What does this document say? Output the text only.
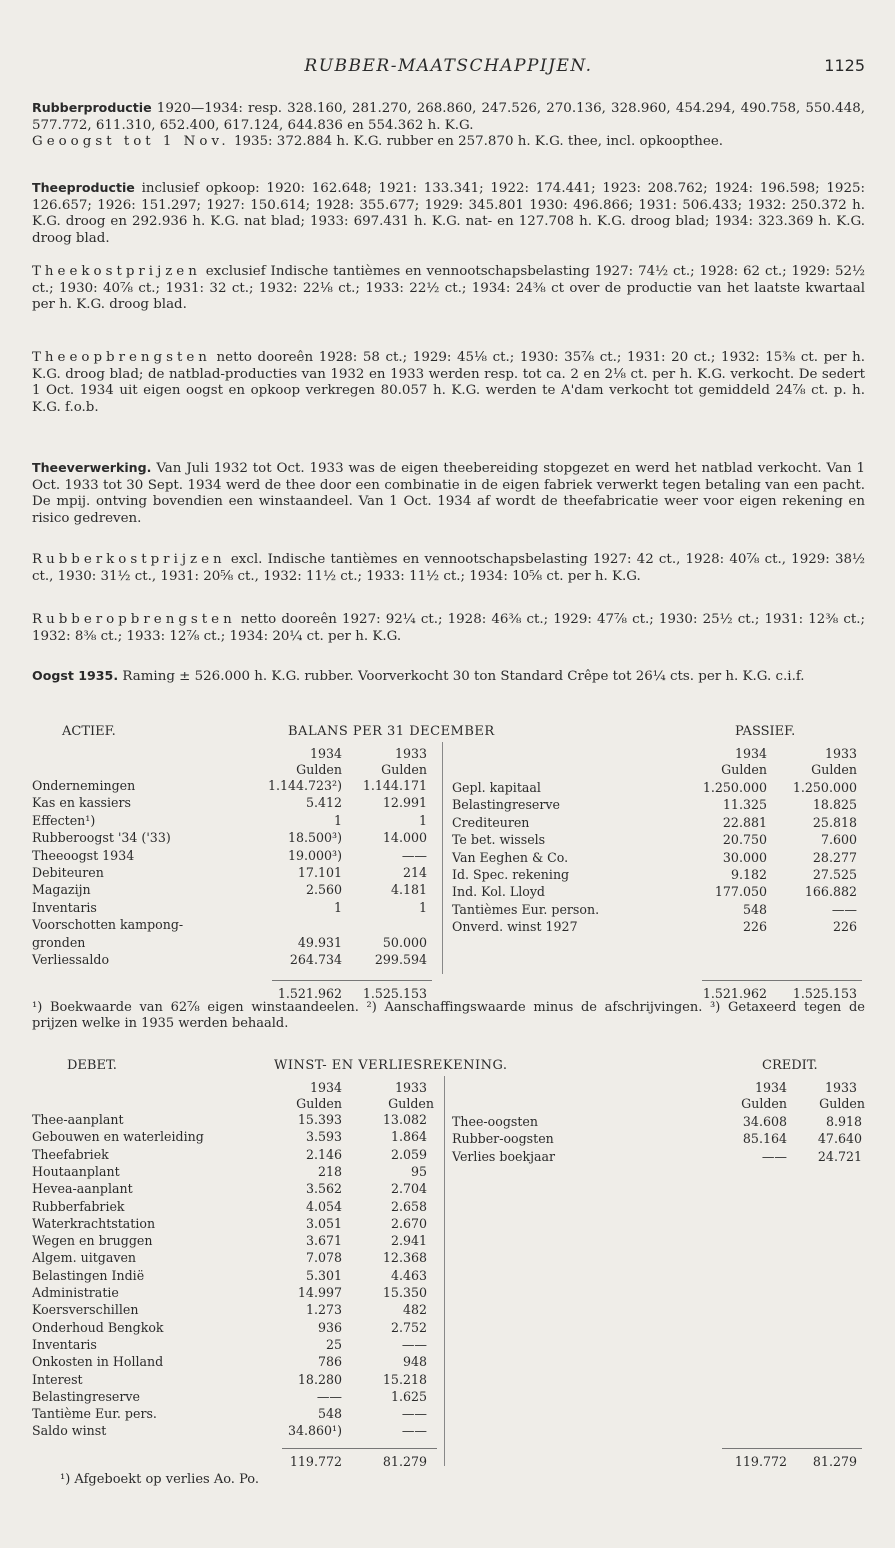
RUBBER-MAATSCHAPPIJEN.	1125

Rubberproductie 1920—1934: resp. 328.160, 281.270, 268.860, 247.526, 270.136, 328.960, 454.294, 490.758, 550.448, 577.772, 611.310, 652.400, 617.124, 644.836 en 554.362 h. K.G.

Geoogst tot 1 Nov. 1935: 372.884 h. K.G. rubber en 257.870 h. K.G. thee, incl. opkoopthee.

Theeproductie inclusief opkoop: 1920: 162.648; 1921: 133.341; 1922: 174.441; 1923: 208.762; 1924: 196.598; 1925: 126.657; 1926: 151.297; 1927: 150.614; 1928: 355.677; 1929: 345.801 1930: 496.866; 1931: 506.433; 1932: 250.372 h. K.G. droog en 292.936 h. K.G. nat blad; 1933: 697.431 h. K.G. nat- en 127.708 h. K.G. droog blad; 1934: 323.369 h. K.G. droog blad.

Theekostprijzen exclusief Indische tantièmes en vennootschapsbelasting 1927: 74½ ct.; 1928: 62 ct.; 1929: 52½ ct.; 1930: 40⅞ ct.; 1931: 32 ct.; 1932: 22⅛ ct.; 1933: 22½ ct.; 1934: 24⅜ ct over de productie van het laatste kwartaal per h. K.G. droog blad.

Theeopbrengsten netto dooreên 1928: 58 ct.; 1929: 45⅛ ct.; 1930: 35⅞ ct.; 1931: 20 ct.; 1932: 15⅜ ct. per h. K.G. droog blad; de natblad-producties van 1932 en 1933 werden resp. tot ca. 2 en 2⅛ ct. per h. K.G. verkocht. De sedert 1 Oct. 1934 uit eigen oogst en opkoop verkregen 80.057 h. K.G. werden te A'dam verkocht tot gemiddeld 24⅞ ct. p. h. K.G. f.o.b.

Theeverwerking. Van Juli 1932 tot Oct. 1933 was de eigen theebereiding stopgezet en werd het natblad verkocht. Van 1 Oct. 1933 tot 30 Sept. 1934 werd de thee door een combinatie in de eigen fabriek verwerkt tegen betaling van een pacht. De mpij. ontving bovendien een winstaandeel. Van 1 Oct. 1934 af wordt de theefabricatie weer voor eigen rekening en risico gedreven.

Rubberkostprijzen excl. Indische tantièmes en vennootschapsbelasting 1927: 42 ct., 1928: 40⅞ ct., 1929: 38½ ct., 1930: 31½ ct., 1931: 20⅝ ct., 1932: 11½ ct.; 1933: 11½ ct.; 1934: 10⅝ ct. per h. K.G.

Rubberopbrengsten netto dooreên 1927: 92¼ ct.; 1928: 46⅜ ct.; 1929: 47⅞ ct.; 1930: 25½ ct.; 1931: 12⅜ ct.; 1932: 8⅜ ct.; 1933: 12⅞ ct.; 1934: 20¼ ct. per h. K.G.

Oogst 1935. Raming ± 526.000 h. K.G. rubber. Voorverkocht 30 ton Standard Crêpe tot 26¼ cts. per h. K.G. c.i.f.

ACTIEF.	BALANS PER 31 DECEMBER	PASSIEF.
1934	1933
Gulden	Gulden
1934	1933
Gulden	Gulden
Ondernemingen	1.144.723²)	1.144.171
Kas en kassiers	5.412	12.991
Effecten¹)	1	1
Rubberoogst '34 ('33)	18.500³)	14.000
Theeoogst 1934	19.000³)	——
Debiteuren	17.101	214
Magazijn	2.560	4.181
Inventaris	1	1
Voorschotten kampong-
gronden	49.931	50.000
Verliessaldo	264.734	299.594
Gepl. kapitaal	1.250.000	1.250.000
Belastingreserve	11.325	18.825
Crediteuren	22.881	25.818
Te bet. wissels	20.750	7.600
Van Eeghen & Co.	30.000	28.277
Id. Spec. rekening	9.182	27.525
Ind. Kol. Lloyd	177.050	166.882
Tantièmes Eur. person.	548	——
Onverd. winst 1927	226	226
1.521.962	1.525.153	1.521.962	1.525.153
¹) Boekwaarde van 62⅞ eigen winstaandeelen. ²) Aanschaffingswaarde minus de afschrijvingen. ³) Getaxeerd tegen de prijzen welke in 1935 werden behaald.
DEBET.	WINST- EN VERLIESREKENING.	CREDIT.
1934	1933
Gulden	Gulden
1934	1933
Gulden	Gulden
Thee-aanplant	15.393	13.082
Gebouwen en waterleiding	3.593	1.864
Theefabriek	2.146	2.059
Houtaanplant	218	95
Hevea-aanplant	3.562	2.704
Rubberfabriek	4.054	2.658
Waterkrachtstation	3.051	2.670
Wegen en bruggen	3.671	2.941
Algem. uitgaven	7.078	12.368
Belastingen Indië	5.301	4.463
Administratie	14.997	15.350
Koersverschillen	1.273	482
Onderhoud Bengkok	936	2.752
Inventaris	25	——
Onkosten in Holland	786	948
Interest	18.280	15.218
Belastingreserve	——	1.625
Tantième Eur. pers.	548	——
Saldo winst	34.860¹)	——
Thee-oogsten	34.608	8.918
Rubber-oogsten	85.164	47.640
Verlies boekjaar	——	24.721
119.772	81.279	119.772	81.279
¹) Afgeboekt op verlies Ao. Po.
